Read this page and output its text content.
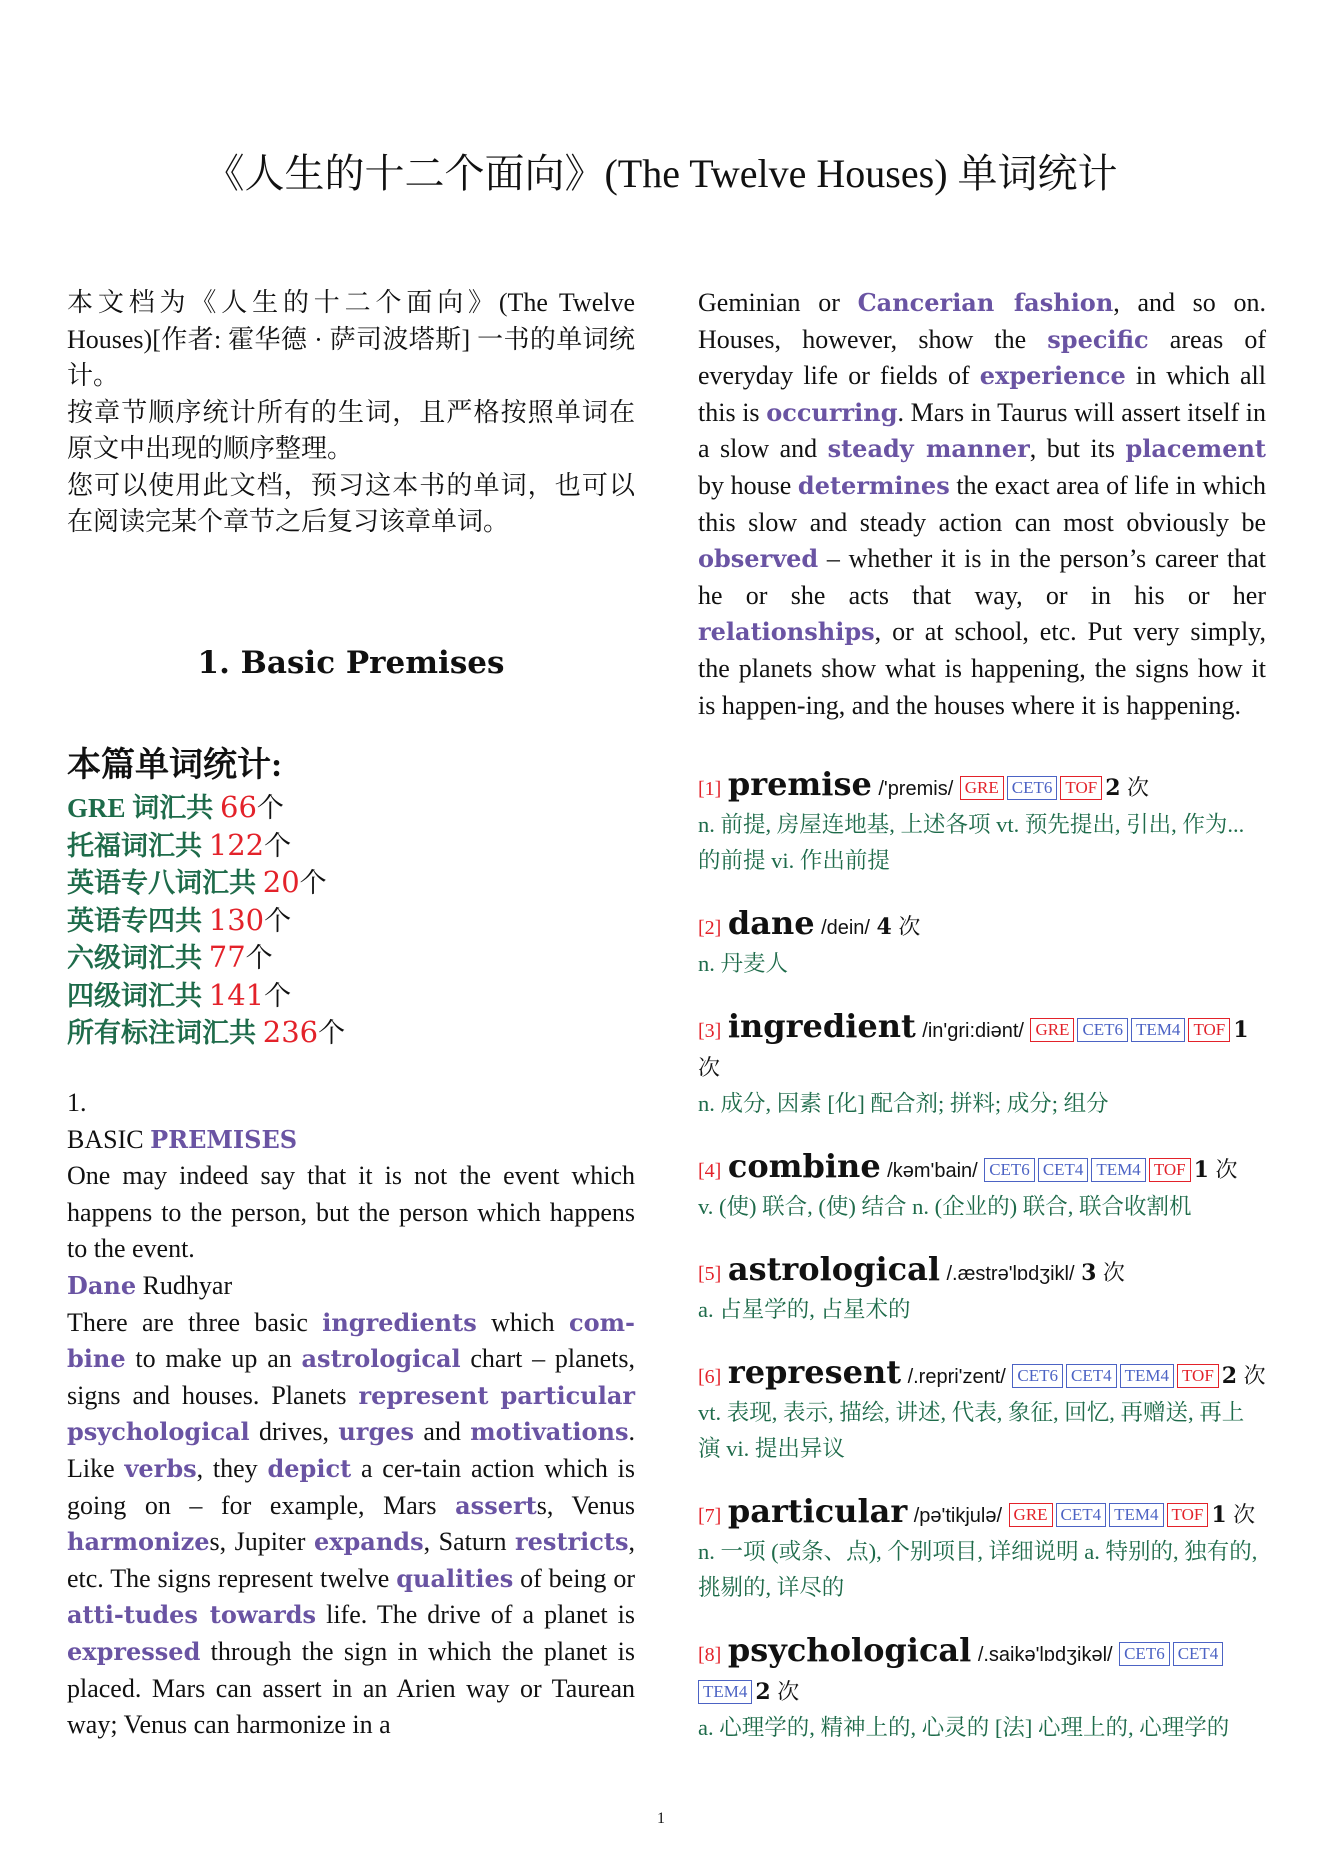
《人生的十二个面向》(The Twelve Houses) 单词统计

本文档为《人生的十二个面向》(The Twelve Houses)[作者: 霍华德 · 萨司波塔斯] 一书的单词统计。

按章节顺序统计所有的生词，且严格按照单词在原文中出现的顺序整理。

您可以使用此文档，预习这本书的单词，也可以在阅读完某个章节之后复习该章单词。

1. Basic Premises
本篇单词统计:
GRE 词汇共 66个
托福词汇共 122个
英语专八词汇共 20个
英语专四共 130个
六级词汇共 77个
四级词汇共 141个
所有标注词汇共 236个

1.

BASIC PREMISES

One may indeed say that it is not the event which happens to the person, but the person which happens to the event.

Dane Rudhyar

There are three basic ingredients which com-bine to make up an astrological chart – planets, signs and houses. Planets represent particular psychological drives, urges and motivations. Like verbs, they depict a cer-tain action which is going on – for example, Mars asserts, Venus harmonizes, Jupiter expands, Saturn restricts, etc. The signs represent twelve qualities of being or atti-tudes towards life. The drive of a planet is expressed through the sign in which the planet is placed. Mars can assert in an Arien way or Taurean way; Venus can harmonize in a

Geminian or Cancerian fashion, and so on. Houses, however, show the specific areas of everyday life or fields of experience in which all this is occurring. Mars in Taurus will assert itself in a slow and steady manner, but its placement by house determines the exact area of life in which this slow and steady action can most obviously be observed – whether it is in the person’s career that he or she acts that way, or in his or her relationships, or at school, etc. Put very simply, the planets show what is happening, the signs how it is happen-ing, and the houses where it is happening.

[1] premise /'premis/ GRE CET6 TOF 2 次
n. 前提, 房屋连地基, 上述各项 vt. 预先提出, 引出, 作为... 的前提 vi. 作出前提
[2] dane /dein/ 4 次
n. 丹麦人
[3] ingredient /in'gri:diənt/ GRE CET6 TEM4 TOF 1 次
n. 成分, 因素 [化] 配合剂; 拼料; 成分; 组分
[4] combine /kəm'bain/ CET6 CET4 TEM4 TOF 1 次
v. (使) 联合, (使) 结合 n. (企业的) 联合, 联合收割机
[5] astrological /.æstrə'lɒdʒikl/ 3 次
a. 占星学的, 占星术的
[6] represent /.repri'zent/ CET6 CET4 TEM4 TOF 2 次
vt. 表现, 表示, 描绘, 讲述, 代表, 象征, 回忆, 再赠送, 再上演 vi. 提出异议
[7] particular /pə'tikjulə/ GRE CET4 TEM4 TOF 1 次
n. 一项 (或条、点), 个别项目, 详细说明 a. 特别的, 独有的, 挑剔的, 详尽的
[8] psychological /.saikə'lɒdʒikəl/ CET6 CET4TEM4 2 次
a. 心理学的, 精神上的, 心灵的 [法] 心理上的, 心理学的
1
